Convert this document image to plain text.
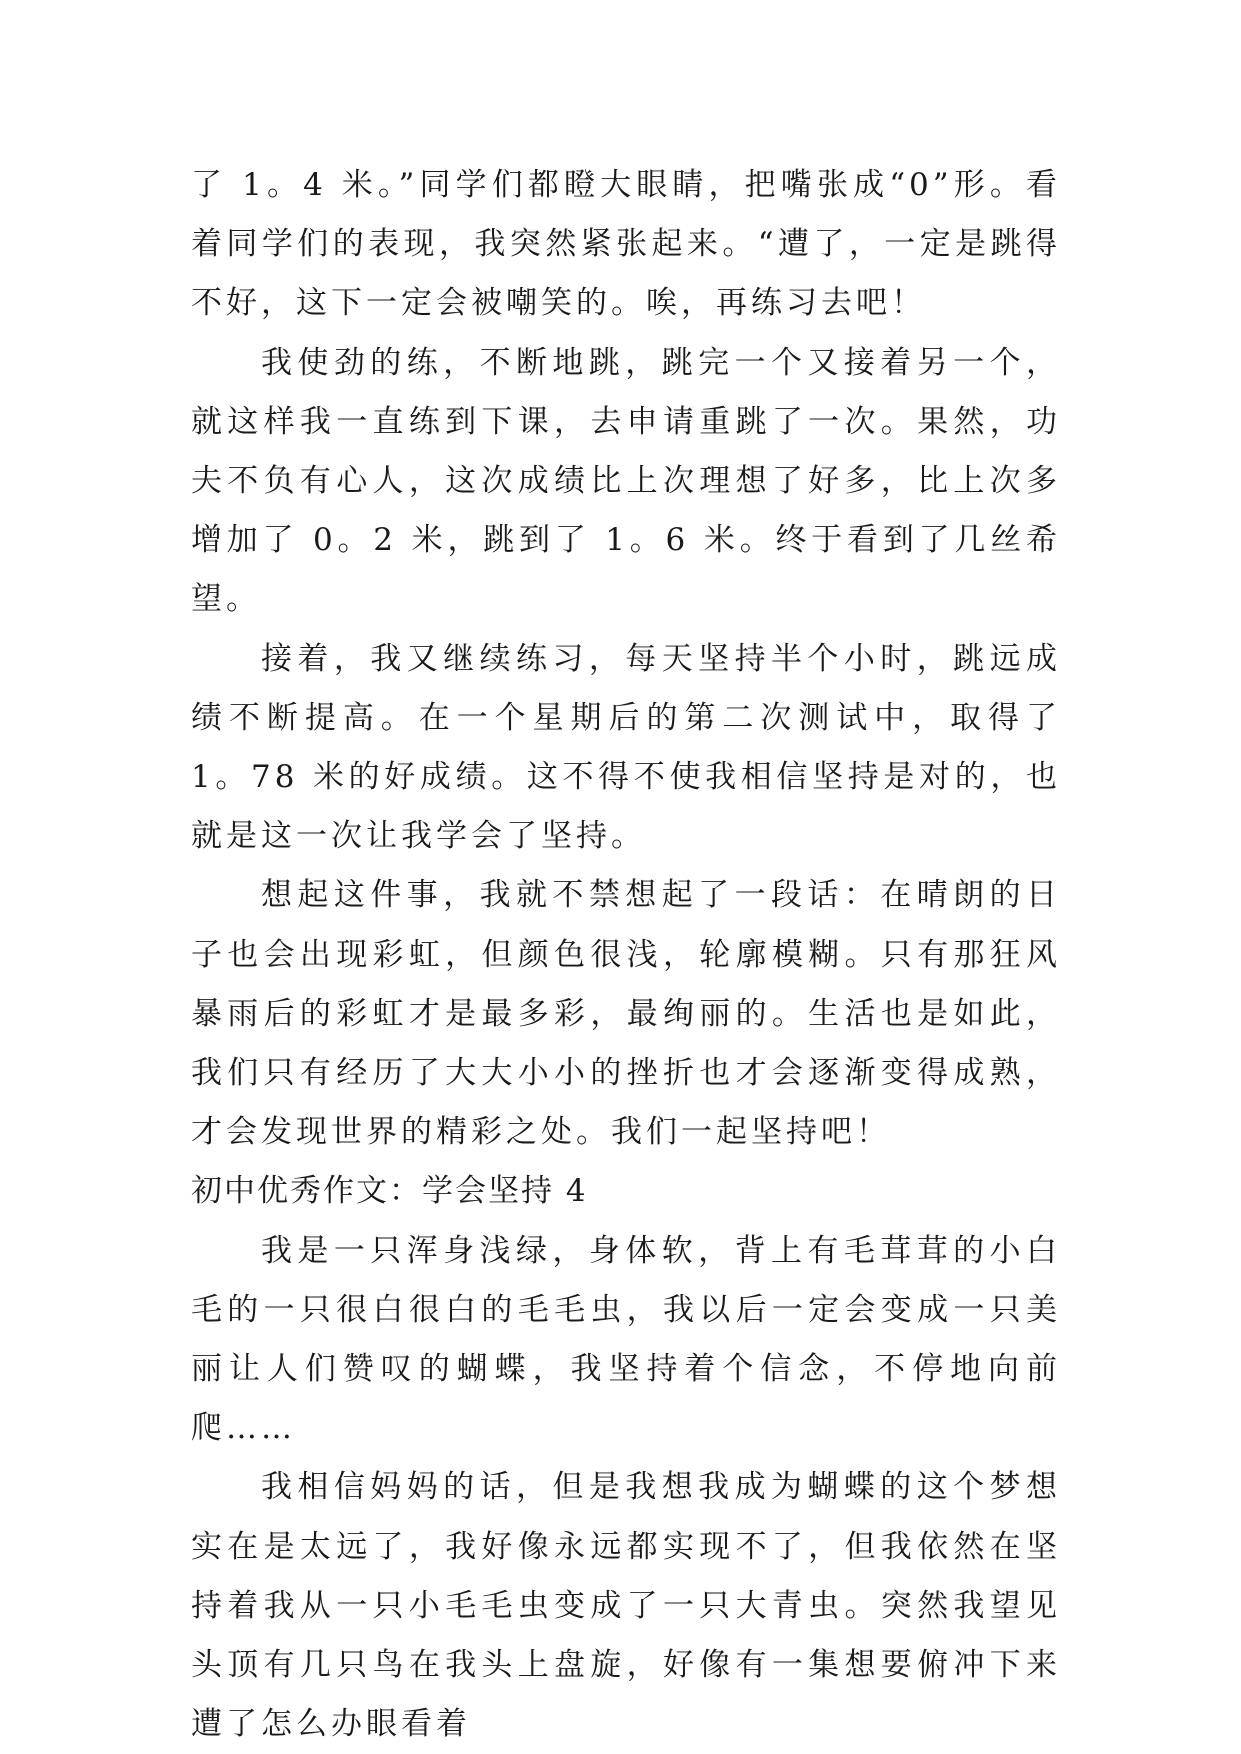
了 1。4 米。”同学们都瞪大眼睛，把嘴张成“0”形。看着同学们的表现，我突然紧张起来。“遭了，一定是跳得不好，这下一定会被嘲笑的。唉，再练习去吧！

我使劲的练，不断地跳，跳完一个又接着另一个，就这样我一直练到下课，去申请重跳了一次。果然，功夫不负有心人，这次成绩比上次理想了好多，比上次多增加了 0。2 米，跳到了 1。6 米。终于看到了几丝希望。

接着，我又继续练习，每天坚持半个小时，跳远成绩不断提高。在一个星期后的第二次测试中，取得了 1。78 米的好成绩。这不得不使我相信坚持是对的，也就是这一次让我学会了坚持。

想起这件事，我就不禁想起了一段话：在晴朗的日子也会出现彩虹，但颜色很浅，轮廓模糊。只有那狂风暴雨后的彩虹才是最多彩，最绚丽的。生活也是如此，我们只有经历了大大小小的挫折也才会逐渐变得成熟，才会发现世界的精彩之处。我们一起坚持吧！

初中优秀作文：学会坚持 4

我是一只浑身浅绿，身体软，背上有毛茸茸的小白毛的一只很白很白的毛毛虫，我以后一定会变成一只美丽让人们赞叹的蝴蝶，我坚持着个信念，不停地向前爬……

我相信妈妈的话，但是我想我成为蝴蝶的这个梦想实在是太远了，我好像永远都实现不了，但我依然在坚持着我从一只小毛毛虫变成了一只大青虫。突然我望见头顶有几只鸟在我头上盘旋，好像有一集想要俯冲下来遭了怎么办眼看着
